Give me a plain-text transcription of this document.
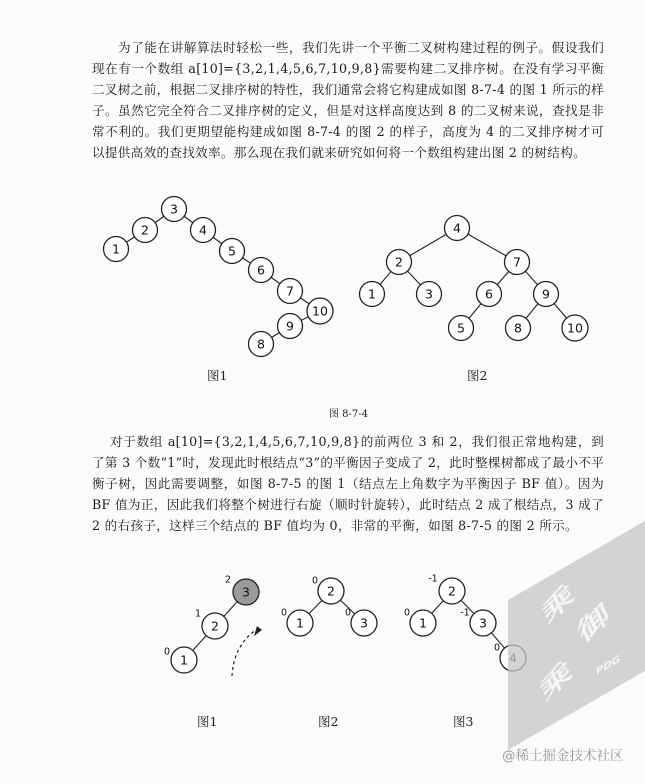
为了能在讲解算法时轻松一些，我们先讲一个平衡二叉树构建过程的例子。假设我们现在有一个数组 a[10]={3,2,1,4,5,6,7,10,9,8}需要构建二叉排序树。在没有学习平衡二叉树之前，根据二叉排序树的特性，我们通常会将它构建成如图 8-7-4 的图 1 所示的样子。虽然它完全符合二叉排序树的定义，但是对这样高度达到 8 的二叉树来说，查找是非常不利的。我们更期望能构建成如图 8-7-4 的图 2 的样子，高度为 4 的二叉排序树才可以提供高效的查找效率。那么现在我们就来研究如何将一个数组构建出图 2 的树结构。

3
2
1
4
5
6
7
10
9
8
4
2	7
1	3	6	9
5	8	10
图1	图2
图 8-7-4

对于数组 a[10]={3,2,1,4,5,6,7,10,9,8}的前两位 3 和 2，我们很正常地构建，到了第 3 个数“1”时，发现此时根结点“3”的平衡因子变成了 2，此时整棵树都成了最小不平衡子树，因此需要调整，如图 8-7-5 的图 1（结点左上角数字为平衡因子 BF 值）。因为 BF 值为正，因此我们将整个树进行右旋（顺时针旋转），此时结点 2 成了根结点，3 成了 2 的右孩子，这样三个结点的 BF 值均为 0，非常的平衡，如图 8-7-5 的图 2 所示。

3
2
1
2
1
0
2
1	3
0
0	0
2
1	3
-1
0	-1
0
乘
御
乘 PDG
图1	图2	图3
@稀土掘金技术社区
